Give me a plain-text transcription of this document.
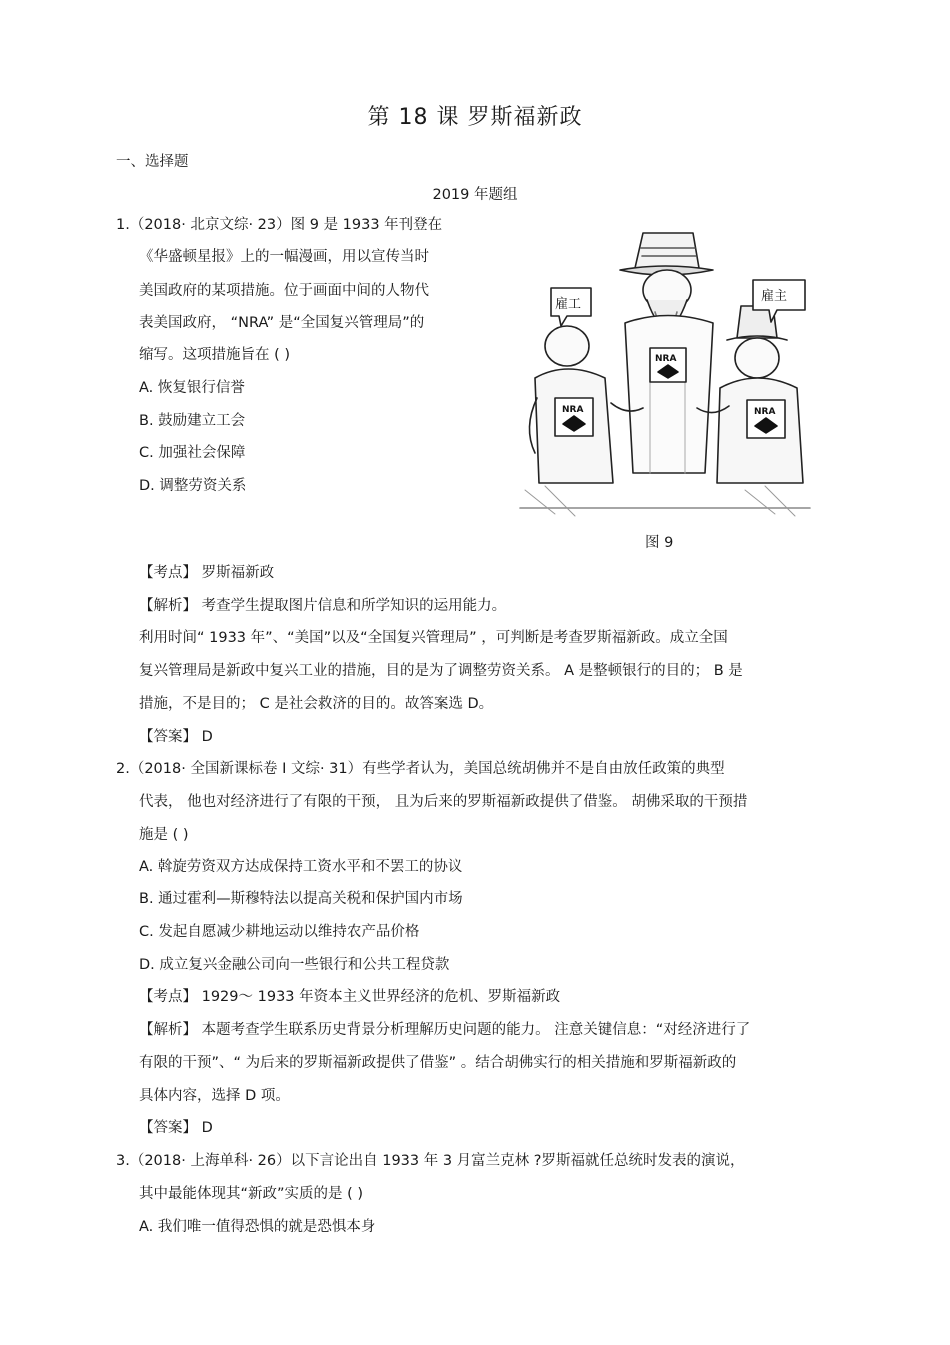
第 18 课 罗斯福新政
一、选择题
2019 年题组
1.（2018· 北京文综· 23）图 9 是 1933 年刊登在
《华盛顿星报》上的一幅漫画，用以宣传当时
美国政府的某项措施。位于画面中间的人物代
表美国政府， “NRA” 是“全国复兴管理局”的
缩写。这项措施旨在 ( )
A. 恢复银行信誉
B. 鼓励建立工会
C. 加强社会保障
D. 调整劳资关系
雇工
雇主
NRA
NRA	NRA
图 9
【考点】 罗斯福新政
【解析】 考查学生提取图片信息和所学知识的运用能力。
利用时间“ 1933 年”、“美国”以及“全国复兴管理局” ，可判断是考查罗斯福新政。成立全国
复兴管理局是新政中复兴工业的措施，目的是为了调整劳资关系。 A 是整顿银行的目的； B 是
措施，不是目的； C 是社会救济的目的。故答案选 D。
【答案】 D
2.（2018· 全国新课标卷 Ⅰ 文综· 31）有些学者认为，美国总统胡佛并不是自由放任政策的典型
代表， 他也对经济进行了有限的干预， 且为后来的罗斯福新政提供了借鉴。 胡佛采取的干预措
施是 ( )
A. 斡旋劳资双方达成保持工资水平和不罢工的协议
B. 通过霍利—斯穆特法以提高关税和保护国内市场
C. 发起自愿减少耕地运动以维持农产品价格
D. 成立复兴金融公司向一些银行和公共工程贷款
【考点】 1929～ 1933 年资本主义世界经济的危机、罗斯福新政
【解析】 本题考查学生联系历史背景分析理解历史问题的能力。 注意关键信息：“对经济进行了
有限的干预”、“ 为后来的罗斯福新政提供了借鉴” 。结合胡佛实行的相关措施和罗斯福新政的
具体内容，选择 D 项。
【答案】 D
3.（2018· 上海单科· 26）以下言论出自 1933 年 3 月富兰克林 ?罗斯福就任总统时发表的演说，
其中最能体现其“新政”实质的是 ( )
A. 我们唯一值得恐惧的就是恐惧本身
